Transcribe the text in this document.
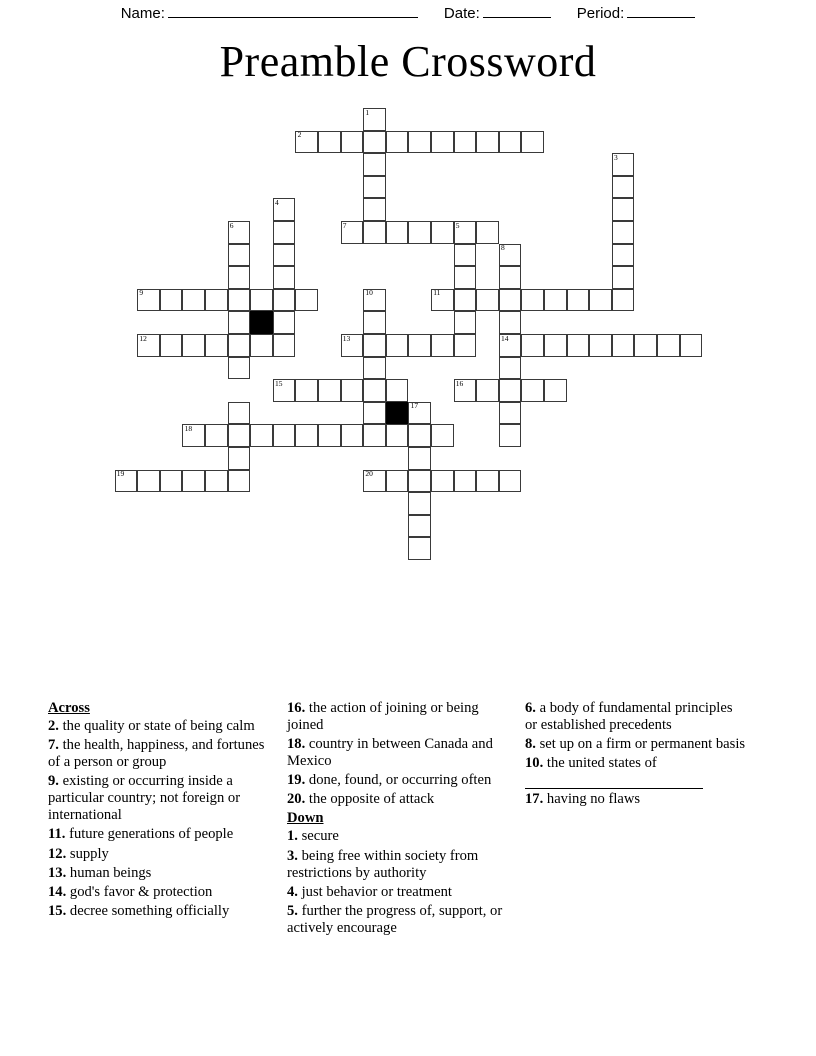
Name:	Date:	Period:
Preamble Crossword
1
2
3
4
6	5
7
8
9	10	11
12	13	14
15	16
17
18
19	20
Across
2. the quality or state of being calm
7. the health, happiness, and fortunes of a person or group
9. existing or occurring inside a particular country; not foreign or international
11. future generations of people
12. supply
13. human beings
14. god's favor & protection
15. decree something officially
16. the action of joining or being joined
18. country in between Canada and Mexico
19. done, found, or occurring often
20. the opposite of attack
Down
1. secure
3. being free within society from restrictions by authority
4. just behavior or treatment
5. further the progress of, support, or actively encourage
6. a body of fundamental principles or established precedents
8. set up on a firm or permanent basis
10. the united states of
17. having no flaws
